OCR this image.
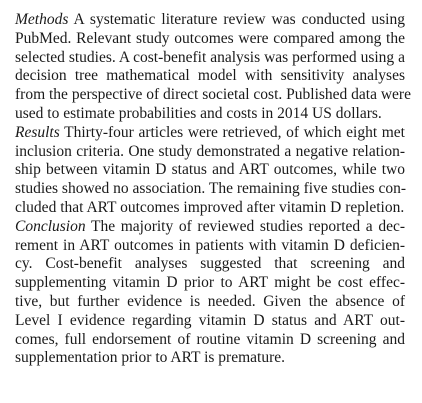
Methods A systematic literature review was conducted using
PubMed. Relevant study outcomes were compared among the
selected studies. A cost-benefit analysis was performed using a
decision tree mathematical model with sensitivity analyses
from the perspective of direct societal cost. Published data were
used to estimate probabilities and costs in 2014 US dollars.
Results Thirty-four articles were retrieved, of which eight met
inclusion criteria. One study demonstrated a negative relation-
ship between vitamin D status and ART outcomes, while two
studies showed no association. The remaining five studies con-
cluded that ART outcomes improved after vitamin D repletion.
Conclusion The majority of reviewed studies reported a dec-
rement in ART outcomes in patients with vitamin D deficien-
cy. Cost-benefit analyses suggested that screening and
supplementing vitamin D prior to ART might be cost effec-
tive, but further evidence is needed. Given the absence of
Level I evidence regarding vitamin D status and ART out-
comes, full endorsement of routine vitamin D screening and
supplementation prior to ART is premature.
